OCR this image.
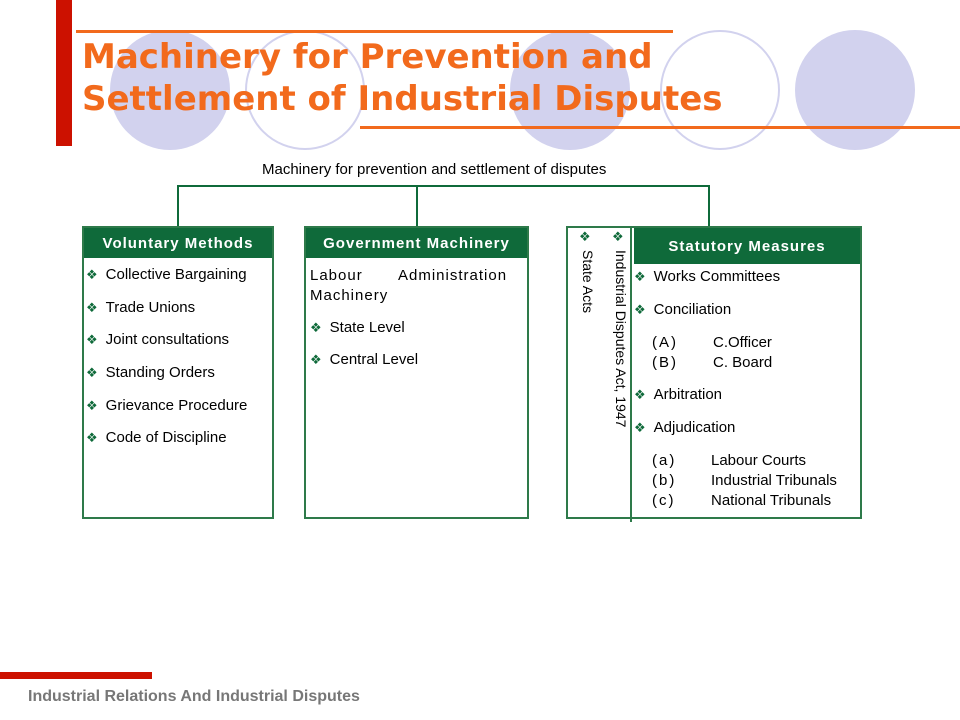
Machinery for Prevention and
Settlement of Industrial Disputes
Machinery for prevention and settlement of disputes
Voluntary Methods
❖ Collective Bargaining
❖ Trade Unions
❖ Joint consultations
❖ Standing Orders
❖ Grievance Procedure
❖ Code of Discipline
Government Machinery
Labour Administration
Machinery
❖ State Level
❖ Central Level
Statutory Measures
❖
State Acts
❖
Industrial Disputes Act, 1947 ❖ Works Committees
❖ Conciliation
(A) C.Officer
(B) C. Board
❖ Arbitration
❖ Adjudication
(a) Labour Courts
(b) Industrial Tribunals
(c) National Tribunals
Industrial Relations And Industrial Disputes
